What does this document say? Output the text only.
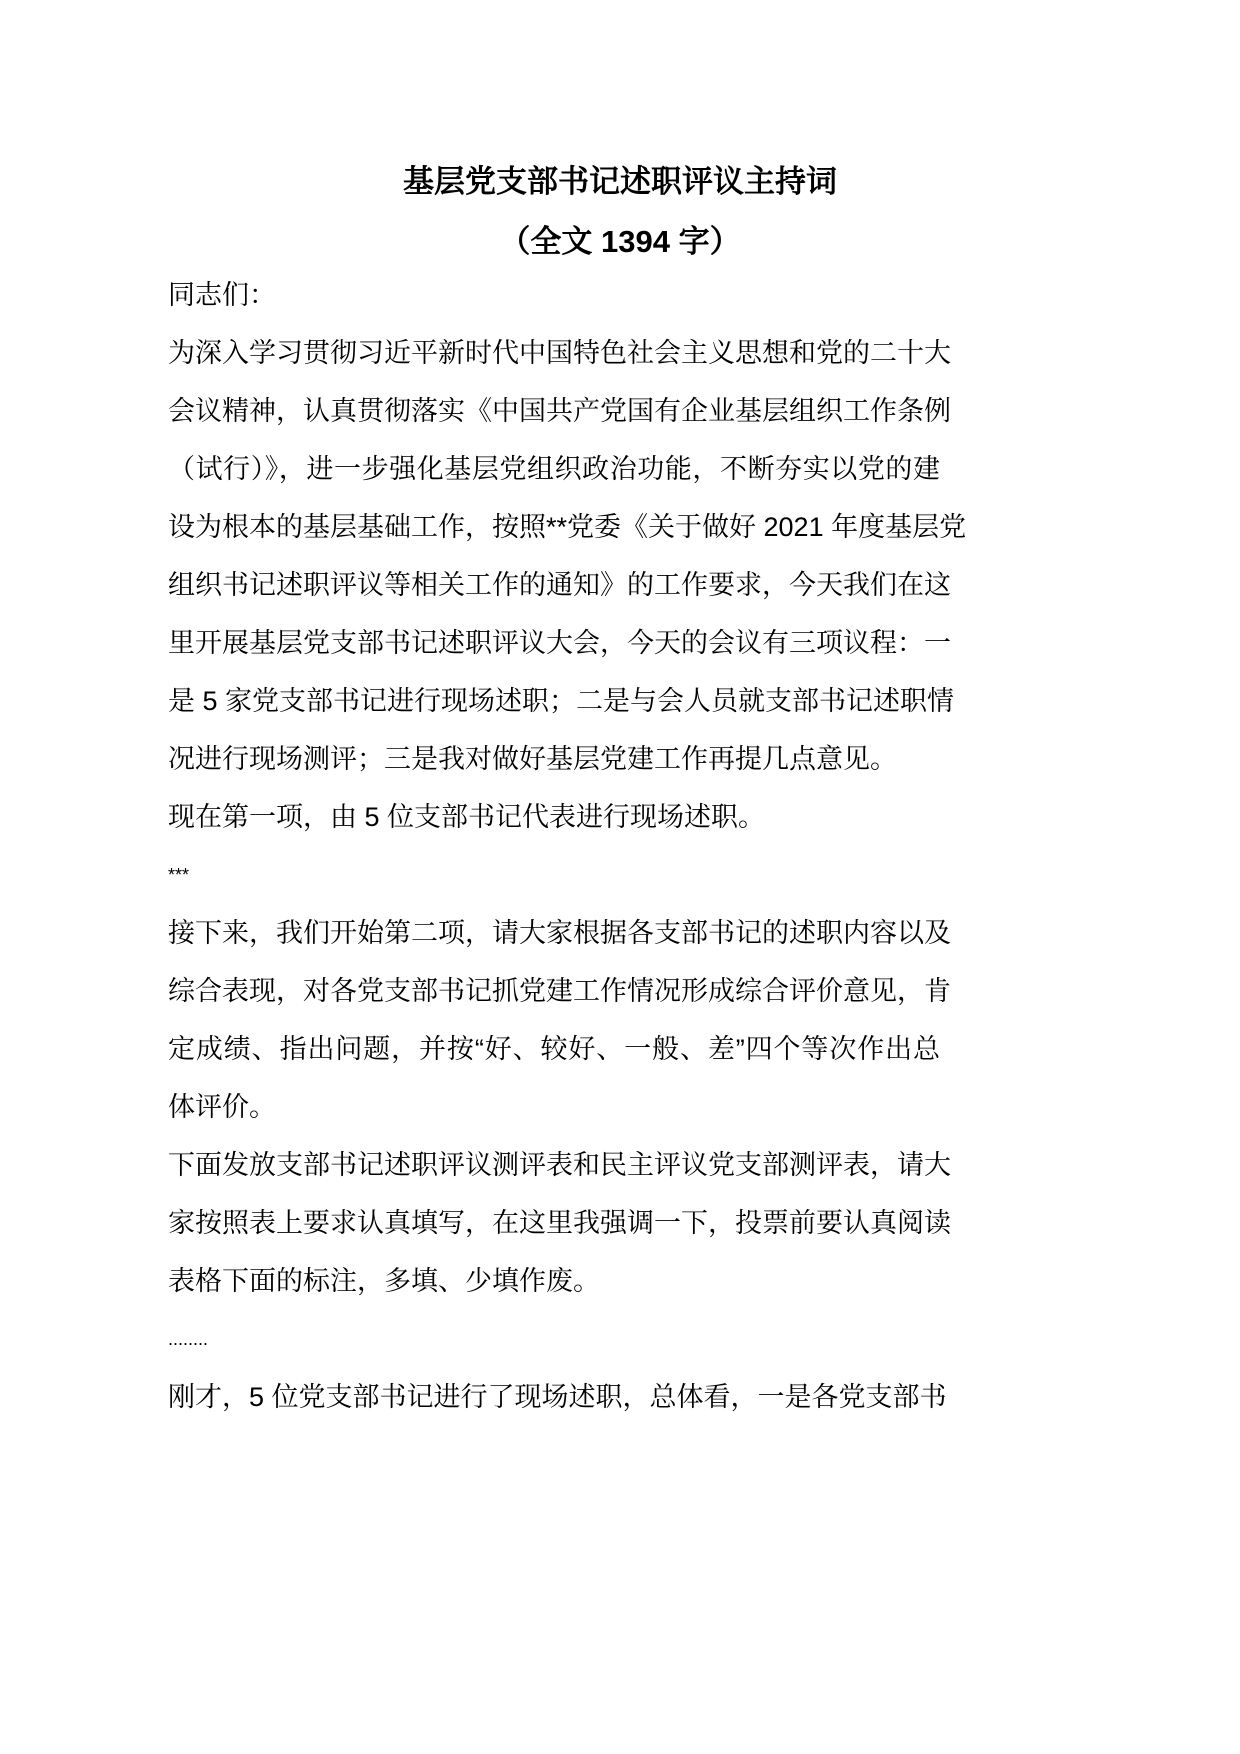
基层党支部书记述职评议主持词
（全文 1394 字）
同志们：
为深入学习贯彻习近平新时代中国特色社会主义思想和党的二十大
会议精神，认真贯彻落实《中国共产党国有企业基层组织工作条例
（试行）》，进一步强化基层党组织政治功能，不断夯实以党的建
设为根本的基层基础工作，按照**党委《关于做好 2021 年度基层党
组织书记述职评议等相关工作的通知》的工作要求，今天我们在这
里开展基层党支部书记述职评议大会，今天的会议有三项议程：一
是 5 家党支部书记进行现场述职；二是与会人员就支部书记述职情
况进行现场测评；三是我对做好基层党建工作再提几点意见。
现在第一项，由 5 位支部书记代表进行现场述职。
***
接下来，我们开始第二项，请大家根据各支部书记的述职内容以及
综合表现，对各党支部书记抓党建工作情况形成综合评价意见，肯
定成绩、指出问题，并按“好、较好、一般、差”四个等次作出总
体评价。
下面发放支部书记述职评议测评表和民主评议党支部测评表，请大
家按照表上要求认真填写，在这里我强调一下，投票前要认真阅读
表格下面的标注，多填、少填作废。
........
刚才，5 位党支部书记进行了现场述职，总体看，一是各党支部书
